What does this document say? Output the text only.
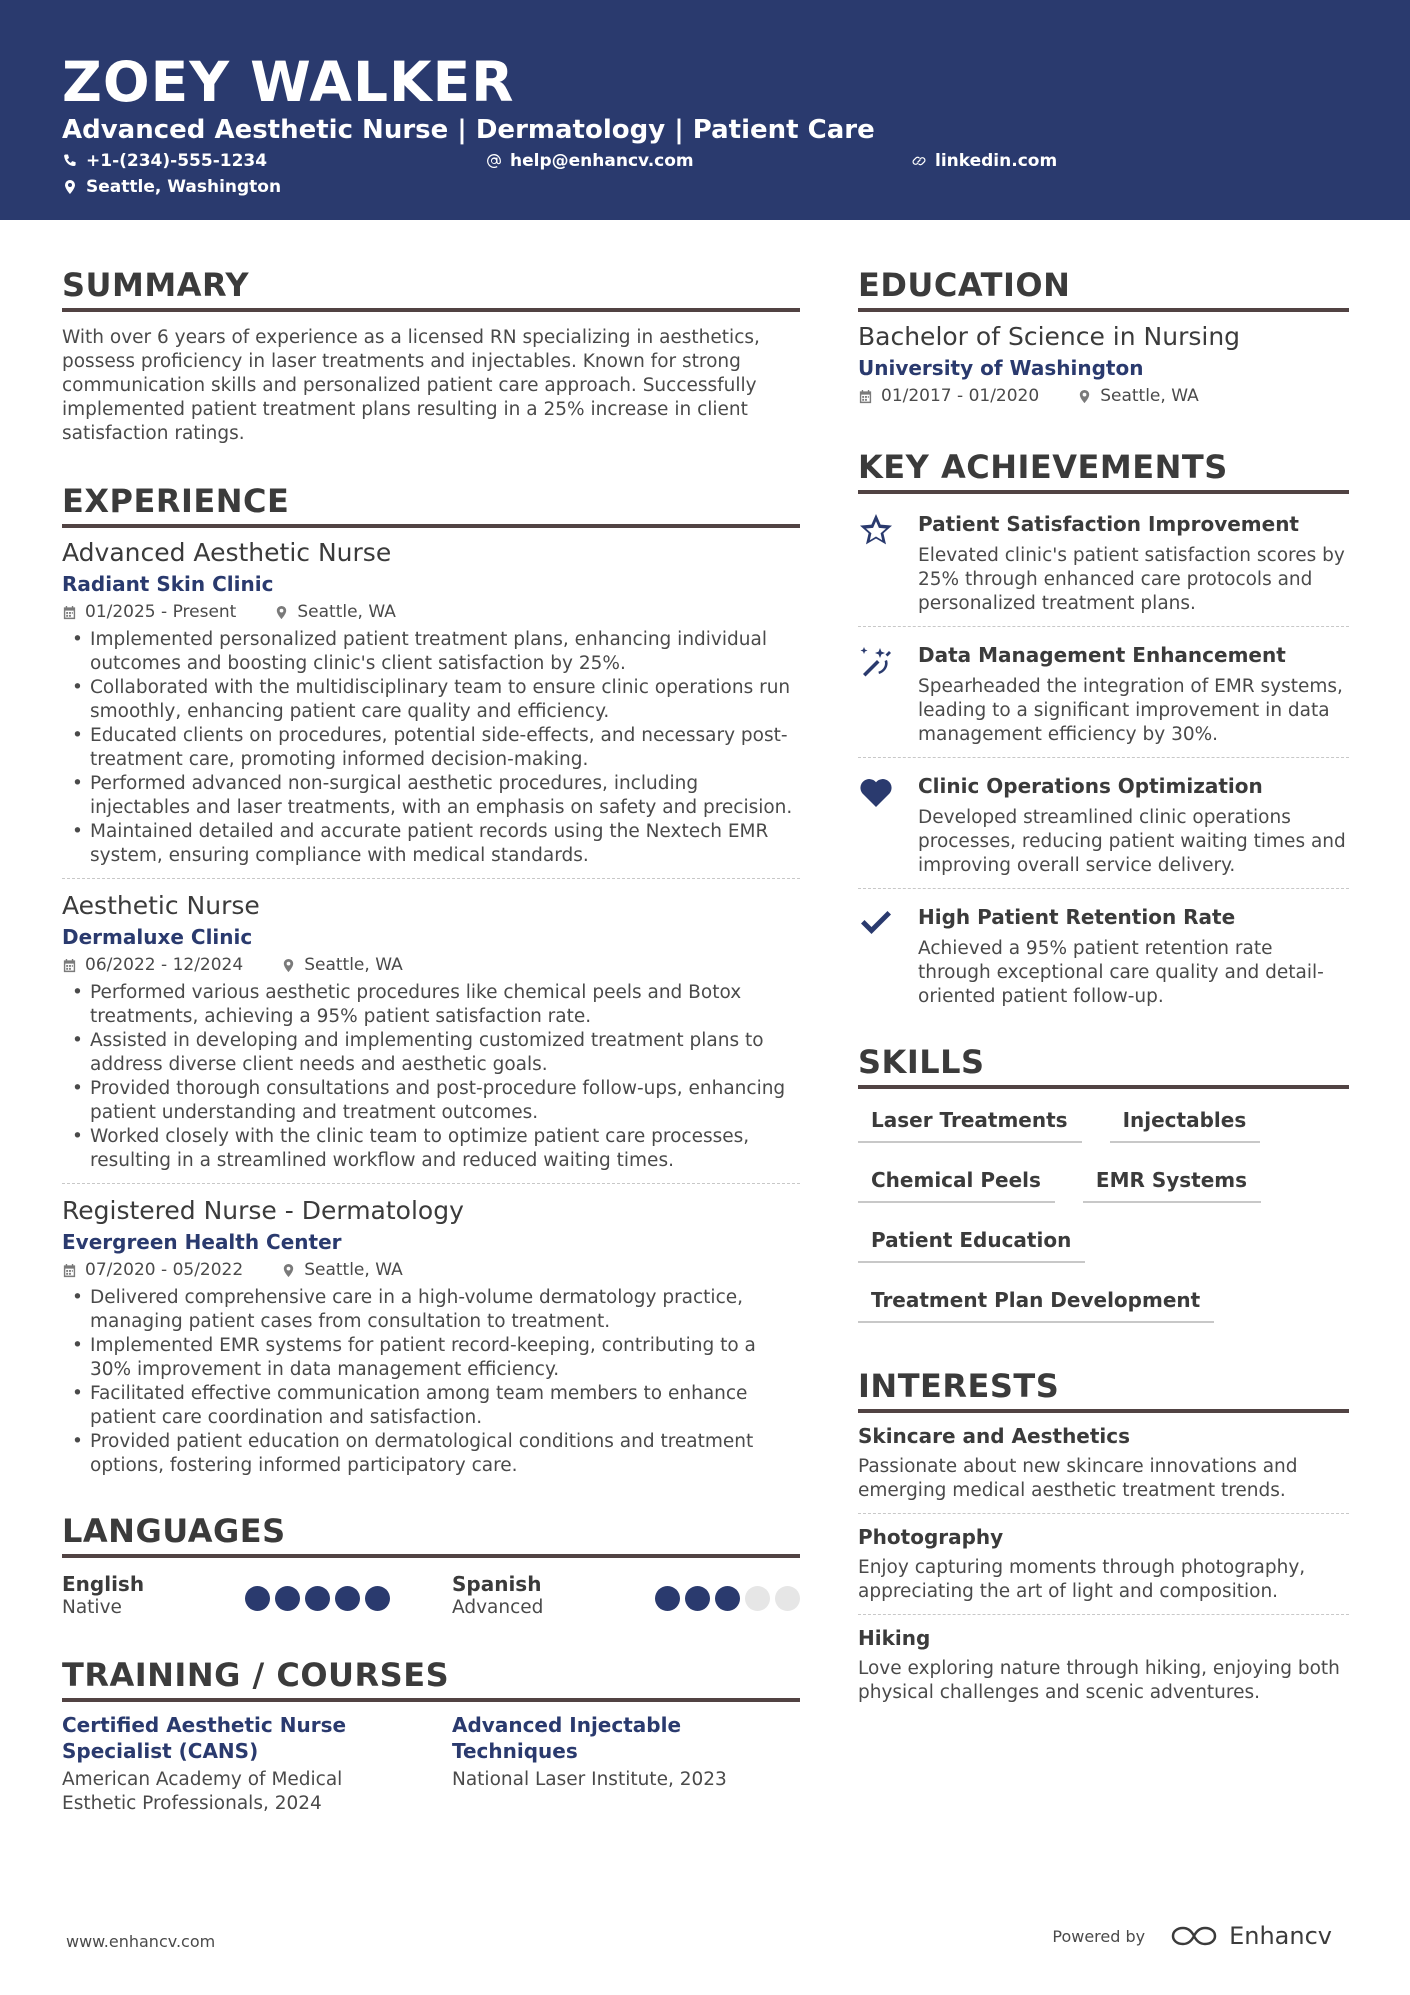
ZOEY WALKER
Advanced Aesthetic Nurse | Dermatology | Patient Care
+1-(234)-555-1234	help@enhancv.com	linkedin.com
Seattle, Washington
SUMMARY
With over 6 years of experience as a licensed RN specializing in aesthetics, possess proficiency in laser treatments and injectables. Known for strong communication skills and personalized patient care approach. Successfully implemented patient treatment plans resulting in a 25% increase in client satisfaction ratings.
EXPERIENCE
Advanced Aesthetic Nurse
Radiant Skin Clinic
01/2025 - Present	Seattle, WA
• Implemented personalized patient treatment plans, enhancing individual outcomes and boosting clinic's client satisfaction by 25%.
• Collaborated with the multidisciplinary team to ensure clinic operations run smoothly, enhancing patient care quality and efficiency.
• Educated clients on procedures, potential side-effects, and necessary post-treatment care, promoting informed decision-making.
• Performed advanced non-surgical aesthetic procedures, including injectables and laser treatments, with an emphasis on safety and precision.
• Maintained detailed and accurate patient records using the Nextech EMR system, ensuring compliance with medical standards.
Aesthetic Nurse
Dermaluxe Clinic
06/2022 - 12/2024	Seattle, WA
• Performed various aesthetic procedures like chemical peels and Botox treatments, achieving a 95% patient satisfaction rate.
• Assisted in developing and implementing customized treatment plans to address diverse client needs and aesthetic goals.
• Provided thorough consultations and post-procedure follow-ups, enhancing patient understanding and treatment outcomes.
• Worked closely with the clinic team to optimize patient care processes, resulting in a streamlined workflow and reduced waiting times.
Registered Nurse - Dermatology
Evergreen Health Center
07/2020 - 05/2022	Seattle, WA
• Delivered comprehensive care in a high-volume dermatology practice, managing patient cases from consultation to treatment.
• Implemented EMR systems for patient record-keeping, contributing to a 30% improvement in data management efficiency.
• Facilitated effective communication among team members to enhance patient care coordination and satisfaction.
• Provided patient education on dermatological conditions and treatment options, fostering informed participatory care.
LANGUAGES
English
Native
Spanish
Advanced
TRAINING / COURSES
Certified Aesthetic Nurse Specialist (CANS)
American Academy of Medical Esthetic Professionals, 2024
Advanced Injectable Techniques
National Laser Institute, 2023
EDUCATION
Bachelor of Science in Nursing
University of Washington
01/2017 - 01/2020	Seattle, WA
KEY ACHIEVEMENTS
Patient Satisfaction Improvement
Elevated clinic's patient satisfaction scores by 25% through enhanced care protocols and personalized treatment plans.
Data Management Enhancement
Spearheaded the integration of EMR systems, leading to a significant improvement in data management efficiency by 30%.
Clinic Operations Optimization
Developed streamlined clinic operations processes, reducing patient waiting times and improving overall service delivery.
High Patient Retention Rate
Achieved a 95% patient retention rate through exceptional care quality and detail-oriented patient follow-up.
SKILLS
Laser Treatments	Injectables
Chemical Peels	EMR Systems
Patient Education
Treatment Plan Development
INTERESTS
Skincare and Aesthetics
Passionate about new skincare innovations and emerging medical aesthetic treatment trends.
Photography
Enjoy capturing moments through photography, appreciating the art of light and composition.
Hiking
Love exploring nature through hiking, enjoying both physical challenges and scenic adventures.
www.enhancv.com	Powered by	Enhancv
